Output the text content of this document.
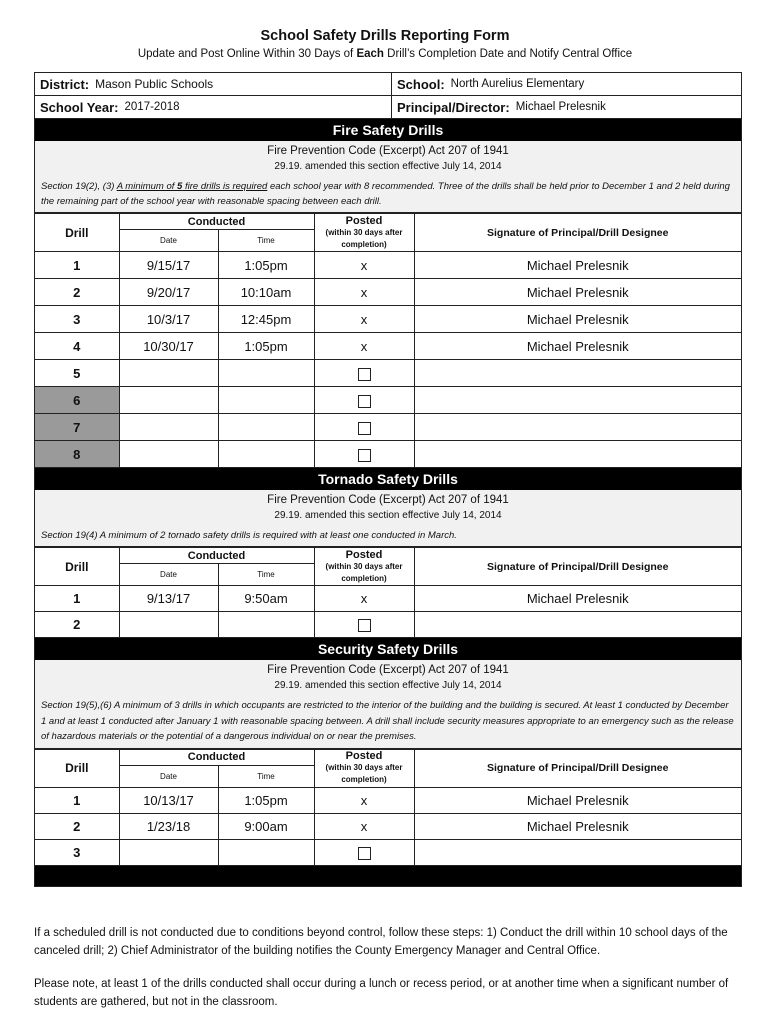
School Safety Drills Reporting Form
Update and Post Online Within 30 Days of Each Drill’s Completion Date and Notify Central Office
District: Mason Public Schools	School: North Aurelius Elementary
School Year: 2017-2018	Principal/Director: Michael Prelesnik
Fire Safety Drills
Fire Prevention Code (Excerpt) Act 207 of 1941
29.19. amended this section effective July 14, 2014
Section 19(2), (3) A minimum of 5 fire drills is required each school year with 8 recommended. Three of the drills shall be held prior to December 1 and 2 held during the remaining part of the school year with reasonable spacing between each drill.
Drill	Conducted		Posted
(within 30 days after completion)	Signature of Principal/Drill Designee
	Date	Time		
1	9/15/17	1:05pm	x	Michael Prelesnik
2	9/20/17	10:10am	x	Michael Prelesnik
3	10/3/17	12:45pm	x	Michael Prelesnik
4	10/30/17	1:05pm	x	Michael Prelesnik
5				
6				
7				
8				
Tornado Safety Drills
Fire Prevention Code (Excerpt) Act 207 of 1941
29.19. amended this section effective July 14, 2014
Section 19(4) A minimum of 2 tornado safety drills is required with at least one conducted in March.
Drill	Conducted		Posted
(within 30 days after completion)	Signature of Principal/Drill Designee
	Date	Time		
1	9/13/17	9:50am	x	Michael Prelesnik
2				
Security Safety Drills
Fire Prevention Code (Excerpt) Act 207 of 1941
29.19. amended this section effective July 14, 2014
Section 19(5),(6) A minimum of 3 drills in which occupants are restricted to the interior of the building and the building is secured. At least 1 conducted by December 1 and at least 1 conducted after January 1 with reasonable spacing between. A drill shall include security measures appropriate to an emergency such as the release of hazardous materials or the potential of a dangerous individual on or near the premises.
Drill	Conducted		Posted
(within 30 days after completion)	Signature of Principal/Drill Designee
	Date	Time		
1	10/13/17	1:05pm	x	Michael Prelesnik
2	1/23/18	9:00am	x	Michael Prelesnik
3				
If a scheduled drill is not conducted due to conditions beyond control, follow these steps: 1) Conduct the drill within 10 school days of the canceled drill; 2) Chief Administrator of the building notifies the County Emergency Manager and Central Office.
Please note, at least 1 of the drills conducted shall occur during a lunch or recess period, or at another time when a significant number of students are gathered, but not in the classroom.
